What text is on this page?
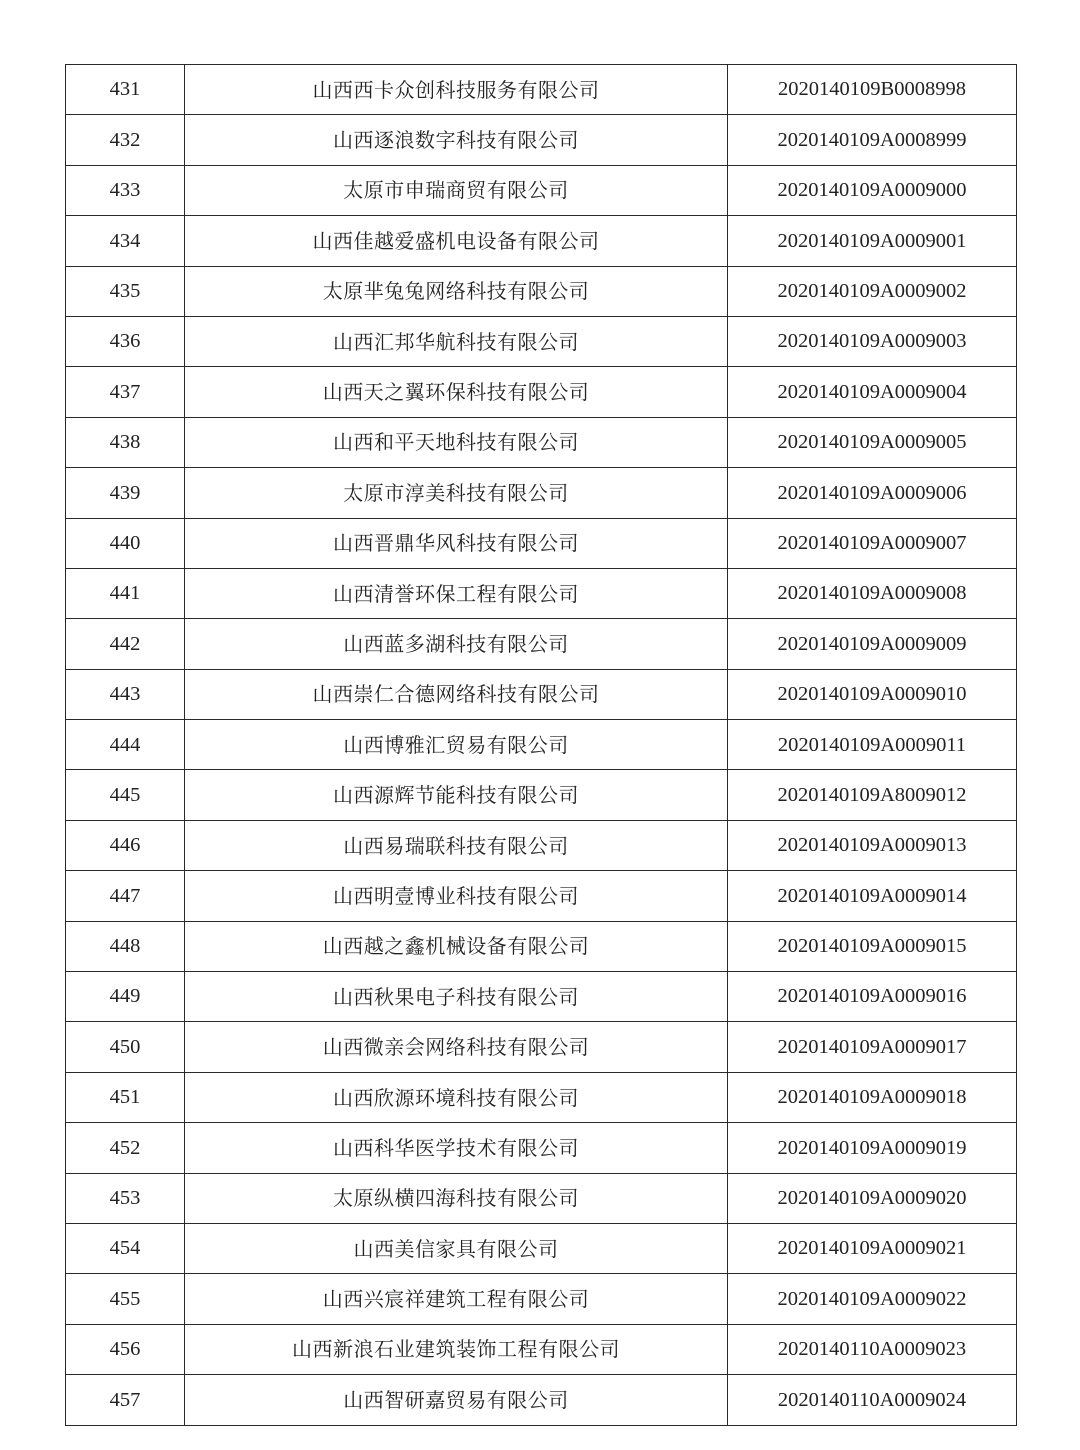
431	山西西卡众创科技服务有限公司	2020140109B0008998
432	山西逐浪数字科技有限公司	2020140109A0008999
433	太原市申瑞商贸有限公司	2020140109A0009000
434	山西佳越爱盛机电设备有限公司	2020140109A0009001
435	太原芈兔兔网络科技有限公司	2020140109A0009002
436	山西汇邦华航科技有限公司	2020140109A0009003
437	山西天之翼环保科技有限公司	2020140109A0009004
438	山西和平天地科技有限公司	2020140109A0009005
439	太原市淳美科技有限公司	2020140109A0009006
440	山西晋鼎华风科技有限公司	2020140109A0009007
441	山西清誉环保工程有限公司	2020140109A0009008
442	山西蓝多湖科技有限公司	2020140109A0009009
443	山西崇仁合德网络科技有限公司	2020140109A0009010
444	山西博雅汇贸易有限公司	2020140109A0009011
445	山西源辉节能科技有限公司	2020140109A8009012
446	山西易瑞联科技有限公司	2020140109A0009013
447	山西明壹博业科技有限公司	2020140109A0009014
448	山西越之鑫机械设备有限公司	2020140109A0009015
449	山西秋果电子科技有限公司	2020140109A0009016
450	山西微亲会网络科技有限公司	2020140109A0009017
451	山西欣源环境科技有限公司	2020140109A0009018
452	山西科华医学技术有限公司	2020140109A0009019
453	太原纵横四海科技有限公司	2020140109A0009020
454	山西美信家具有限公司	2020140109A0009021
455	山西兴宸祥建筑工程有限公司	2020140109A0009022
456	山西新浪石业建筑装饰工程有限公司	2020140110A0009023
457	山西智研嘉贸易有限公司	2020140110A0009024
